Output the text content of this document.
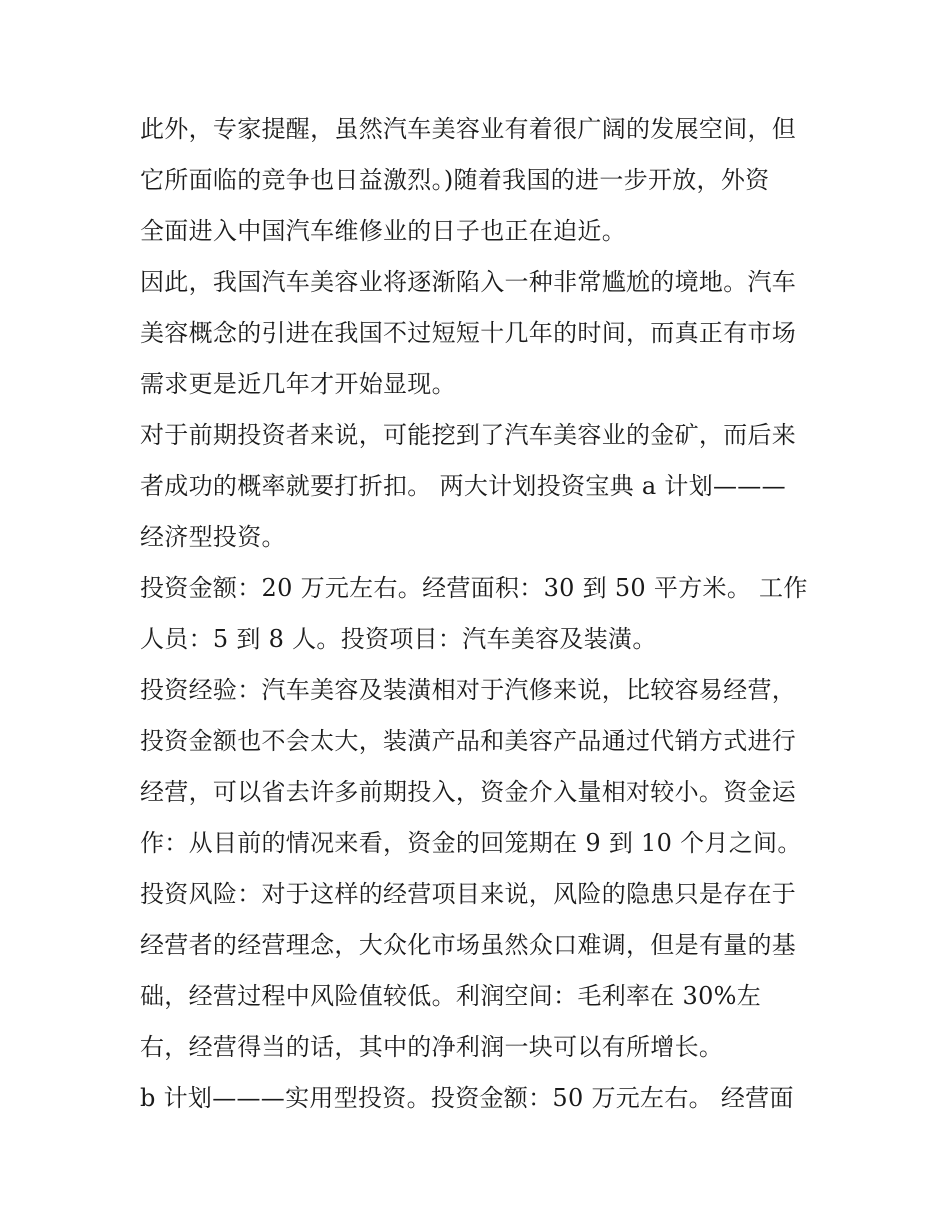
此外，专家提醒，虽然汽车美容业有着很广阔的发展空间，但
它所面临的竞争也日益激烈。)随着我国的进一步开放，外资
全面进入中国汽车维修业的日子也正在迫近。
因此，我国汽车美容业将逐渐陷入一种非常尴尬的境地。汽车
美容概念的引进在我国不过短短十几年的时间，而真正有市场
需求更是近几年才开始显现。
对于前期投资者来说，可能挖到了汽车美容业的金矿，而后来
者成功的概率就要打折扣。 两大计划投资宝典 a 计划———
经济型投资。
投资金额：20 万元左右。经营面积：30 到 50 平方米。 工作
人员：5 到 8 人。投资项目：汽车美容及装潢。
投资经验：汽车美容及装潢相对于汽修来说，比较容易经营，
投资金额也不会太大，装潢产品和美容产品通过代销方式进行
经营，可以省去许多前期投入，资金介入量相对较小。资金运
作：从目前的情况来看，资金的回笼期在 9 到 10 个月之间。
投资风险：对于这样的经营项目来说，风险的隐患只是存在于
经营者的经营理念，大众化市场虽然众口难调，但是有量的基
础，经营过程中风险值较低。利润空间：毛利率在 30%左
右，经营得当的话，其中的净利润一块可以有所增长。
b 计划———实用型投资。投资金额：50 万元左右。 经营面
